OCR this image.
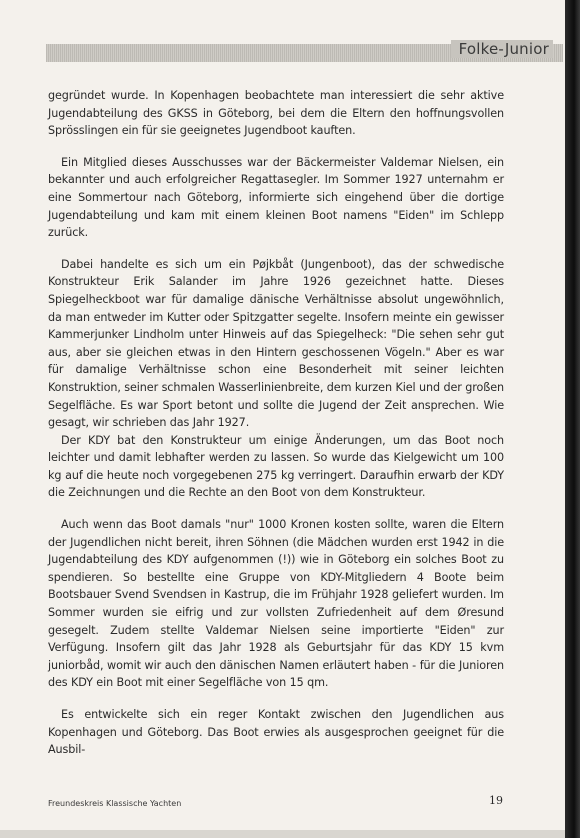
Folke-Junior

gegründet wurde. In Kopenhagen beobachtete man interessiert die sehr aktive Jugendabteilung des GKSS in Göteborg, bei dem die Eltern den hoffnungsvollen Sprösslingen ein für sie geeignetes Jugendboot kauften.

Ein Mitglied dieses Ausschusses war der Bäckermeister Valdemar Nielsen, ein bekannter und auch erfolgreicher Regattasegler. Im Sommer 1927 unternahm er eine Sommertour nach Göteborg, informierte sich eingehend über die dortige Jugendabteilung und kam mit einem kleinen Boot namens "Eiden" im Schlepp zurück.

Dabei handelte es sich um ein Pøjkbåt (Jungenboot), das der schwedische Konstrukteur Erik Salander im Jahre 1926 gezeichnet hatte. Dieses Spiegelheckboot war für damalige dänische Verhältnisse absolut ungewöhnlich, da man entweder im Kutter oder Spitzgatter segelte. Insofern meinte ein gewisser Kammerjunker Lindholm unter Hinweis auf das Spiegelheck: "Die sehen sehr gut aus, aber sie gleichen etwas in den Hintern geschossenen Vögeln." Aber es war für damalige Verhältnisse schon eine Besonderheit mit seiner leichten Konstruktion, seiner schmalen Wasserlinienbreite, dem kurzen Kiel und der großen Segelfläche. Es war Sport betont und sollte die Jugend der Zeit ansprechen. Wie gesagt, wir schrieben das Jahr 1927.

Der KDY bat den Konstrukteur um einige Änderungen, um das Boot noch leichter und damit lebhafter werden zu lassen. So wurde das Kielgewicht um 100 kg auf die heute noch vorgegebenen 275 kg verringert. Daraufhin erwarb der KDY die Zeichnungen und die Rechte an den Boot von dem Konstrukteur.

Auch wenn das Boot damals "nur" 1000 Kronen kosten sollte, waren die Eltern der Jugendlichen nicht bereit, ihren Söhnen (die Mädchen wurden erst 1942 in die Jugendabteilung des KDY aufgenommen (!)) wie in Göteborg ein solches Boot zu spendieren. So bestellte eine Gruppe von KDY-Mitgliedern 4 Boote beim Bootsbauer Svend Svendsen in Kastrup, die im Frühjahr 1928 geliefert wurden. Im Sommer wurden sie eifrig und zur vollsten Zufriedenheit auf dem Øresund gesegelt. Zudem stellte Valdemar Nielsen seine importierte "Eiden" zur Verfügung. Insofern gilt das Jahr 1928 als Geburtsjahr für das KDY 15 kvm juniorbåd, womit wir auch den dänischen Namen erläutert haben - für die Junioren des KDY ein Boot mit einer Segelfläche von 15 qm.

Es entwickelte sich ein reger Kontakt zwischen den Jugendlichen aus Kopenhagen und Göteborg. Das Boot erwies als ausgesprochen geeignet für die Ausbil-

Freundeskreis Klassische Yachten	19
